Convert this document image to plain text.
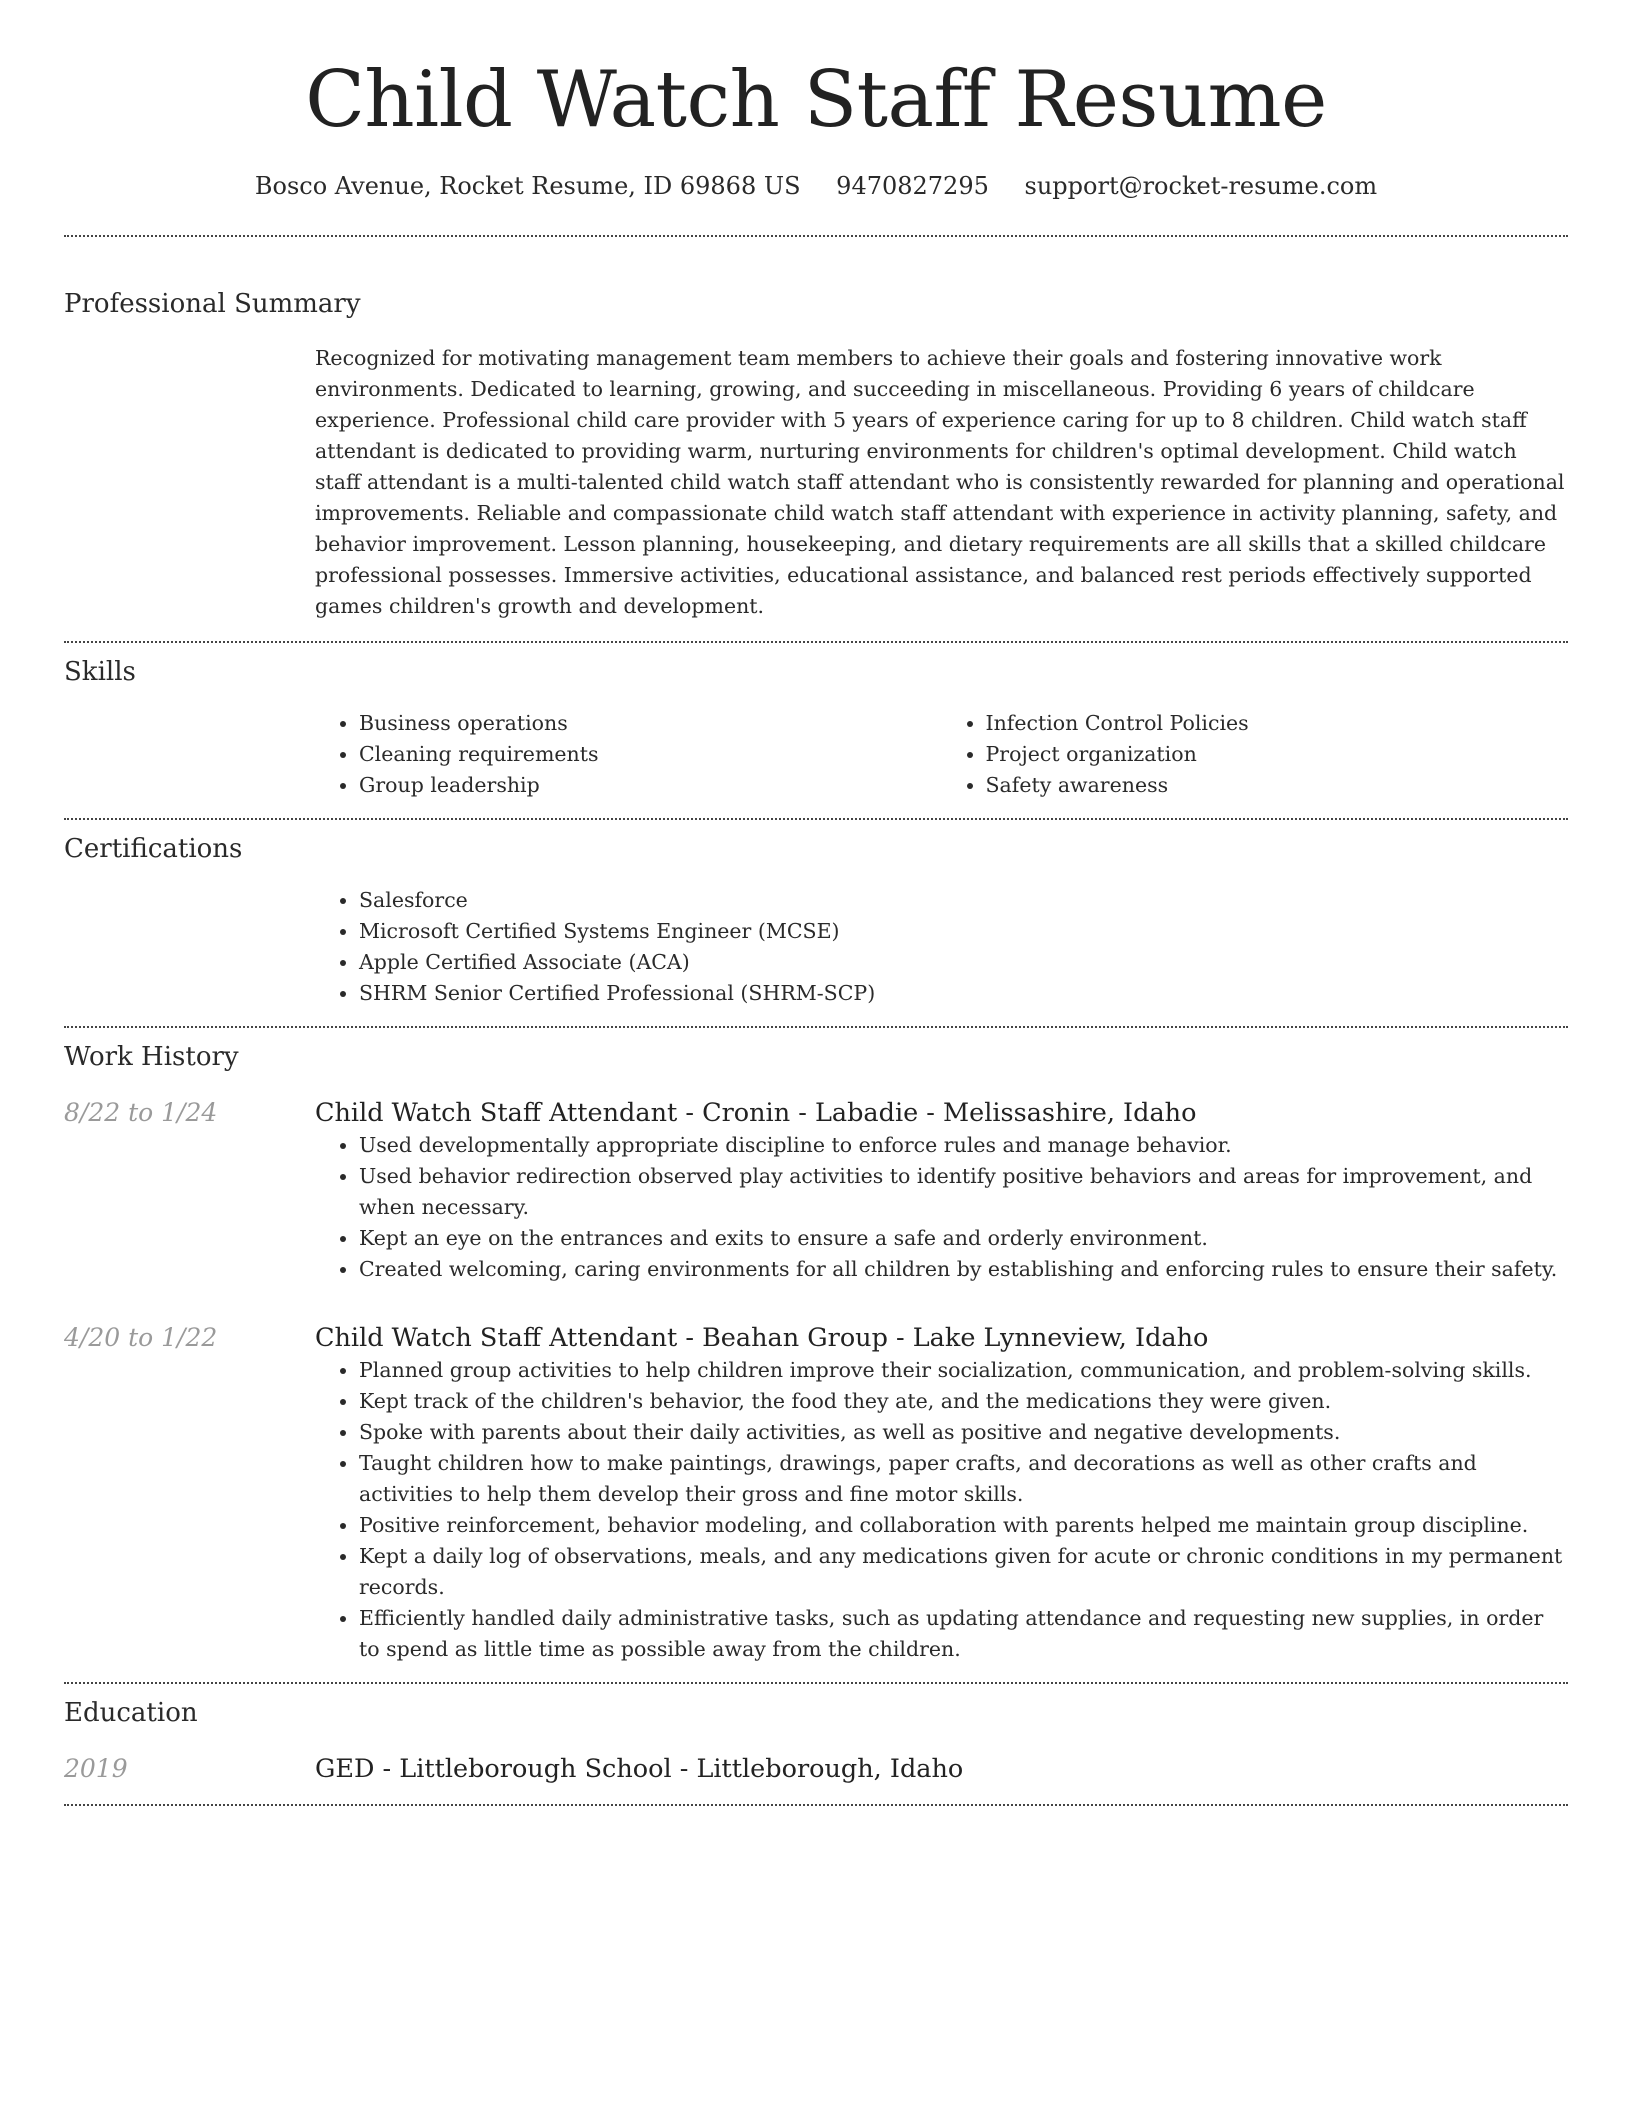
Child Watch Staff Resume
Bosco Avenue, Rocket Resume, ID 69868 US 9470827295 support@rocket-resume.com
Professional Summary

Recognized for motivating management team members to achieve their goals and fostering innovative work environments. Dedicated to learning, growing, and succeeding in miscellaneous. Providing 6 years of childcare experience. Professional child care provider with 5 years of experience caring for up to 8 children. Child watch staff attendant is dedicated to providing warm, nurturing environments for children's optimal development. Child watch staff attendant is a multi-talented child watch staff attendant who is consistently rewarded for planning and operational improvements. Reliable and compassionate child watch staff attendant with experience in activity planning, safety, and behavior improvement. Lesson planning, housekeeping, and dietary requirements are all skills that a skilled childcare professional possesses. Immersive activities, educational assistance, and balanced rest periods effectively supported games children's growth and development.

Skills
• Business operations
• Cleaning requirements
• Group leadership
• Infection Control Policies
• Project organization
• Safety awareness
Certifications
• Salesforce
• Microsoft Certified Systems Engineer (MCSE)
• Apple Certified Associate (ACA)
• SHRM Senior Certified Professional (SHRM-SCP)
Work History
8/22 to 1/24	Child Watch Staff Attendant - Cronin - Labadie - Melissashire, Idaho
• Used developmentally appropriate discipline to enforce rules and manage behavior.
• Used behavior redirection observed play activities to identify positive behaviors and areas for improvement, and when necessary.
• Kept an eye on the entrances and exits to ensure a safe and orderly environment.
• Created welcoming, caring environments for all children by establishing and enforcing rules to ensure their safety.
4/20 to 1/22	Child Watch Staff Attendant - Beahan Group - Lake Lynneview, Idaho
• Planned group activities to help children improve their socialization, communication, and problem-solving skills.
• Kept track of the children's behavior, the food they ate, and the medications they were given.
• Spoke with parents about their daily activities, as well as positive and negative developments.
• Taught children how to make paintings, drawings, paper crafts, and decorations as well as other crafts and activities to help them develop their gross and fine motor skills.
• Positive reinforcement, behavior modeling, and collaboration with parents helped me maintain group discipline.
• Kept a daily log of observations, meals, and any medications given for acute or chronic conditions in my permanent records.
• Efficiently handled daily administrative tasks, such as updating attendance and requesting new supplies, in order to spend as little time as possible away from the children.
Education
2019	GED - Littleborough School - Littleborough, Idaho
